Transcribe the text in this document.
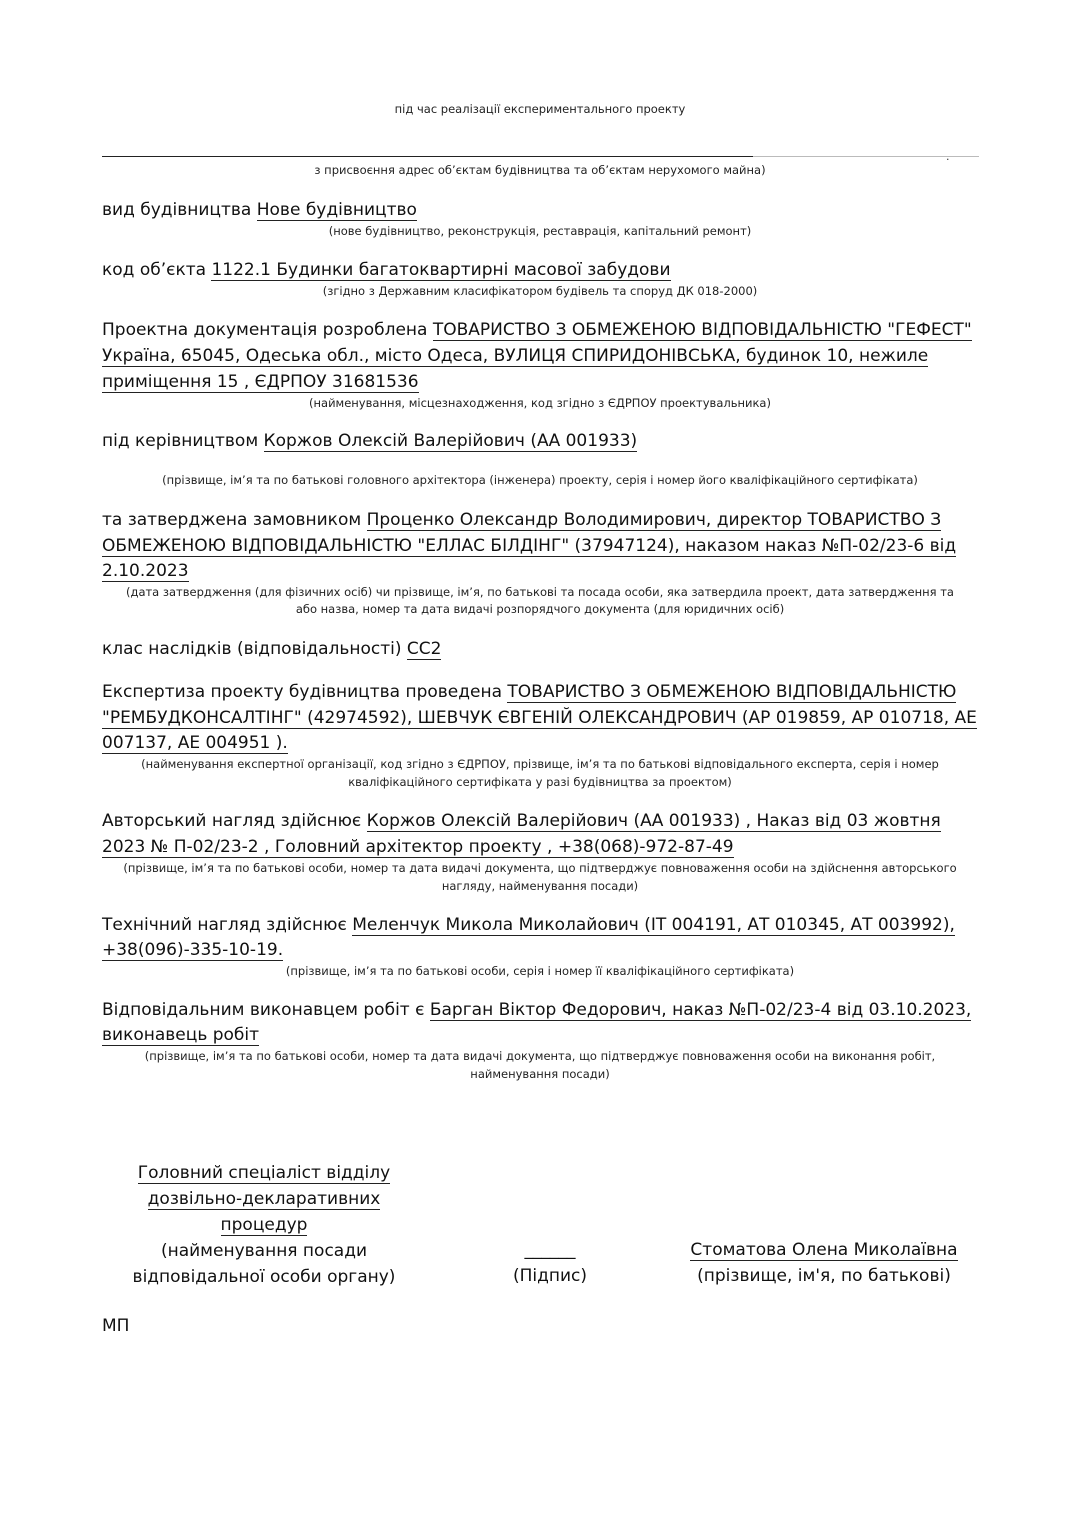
під час реалізації експериментального проекту
.
з присвоєння адрес об’єктам будівництва та об’єктам нерухомого майна)
вид будівництва Нове будівництво
(нове будівництво, реконструкція, реставрація, капітальний ремонт)
код об’єкта 1122.1 Будинки багатоквартирні масової забудови
(згідно з Державним класифікатором будівель та споруд ДК 018-2000)
Проектна документація розроблена ТОВАРИСТВО З ОБМЕЖЕНОЮ ВІДПОВІДАЛЬНІСТЮ "ГЕФЕСТ"
Україна, 65045, Одеська обл., місто Одеса, ВУЛИЦЯ СПИРИДОНІВСЬКА, будинок 10, нежиле
приміщення 15 , ЄДРПОУ 31681536
(найменування, місцезнаходження, код згідно з ЄДРПОУ проектувальника)
під керівництвом Коржов Олексій Валерійович (АА 001933)
(прізвище, ім’я та по батькові головного архітектора (інженера) проекту, серія і номер його кваліфікаційного сертифіката)
та затверджена замовником Проценко Олександр Володимирович, директор ТОВАРИСТВО З
ОБМЕЖЕНОЮ ВІДПОВІДАЛЬНІСТЮ "ЕЛЛАС БІЛДІНГ" (37947124), наказом наказ №П-02/23-6 від
2.10.2023
(дата затвердження (для фізичних осіб) чи прізвище, ім’я, по батькові та посада особи, яка затвердила проект, дата затвердження та
або назва, номер та дата видачі розпорядчого документа (для юридичних осіб)
клас наслідків (відповідальності) СС2
Експертиза проекту будівництва проведена ТОВАРИСТВО З ОБМЕЖЕНОЮ ВІДПОВІДАЛЬНІСТЮ
"РЕМБУДКОНСАЛТІНГ" (42974592), ШЕВЧУК ЄВГЕНІЙ ОЛЕКСАНДРОВИЧ (АР 019859, АР 010718, АЕ
007137, АЕ 004951 ).
(найменування експертної організації, код згідно з ЄДРПОУ, прізвище, ім’я та по батькові відповідального експерта, серія і номер
кваліфікаційного сертифіката у разі будівництва за проектом)
Авторський нагляд здійснює Коржов Олексій Валерійович (АА 001933) , Наказ від 03 жовтня
2023 № П-02/23-2 , Головний архітектор проекту , +38(068)-972-87-49
(прізвище, ім’я та по батькові особи, номер та дата видачі документа, що підтверджує повноваження особи на здійснення авторського
нагляду, найменування посади)
Технічний нагляд здійснює Меленчук Микола Миколайович (ІТ 004191, АТ 010345, АТ 003992),
+38(096)-335-10-19.
(прізвище, ім’я та по батькові особи, серія і номер її кваліфікаційного сертифіката)
Відповідальним виконавцем робіт є Барган Віктор Федорович, наказ №П-02/23-4 від 03.10.2023,
виконавець робіт
(прізвище, ім’я та по батькові особи, номер та дата видачі документа, що підтверджує повноваження особи на виконання робіт,
найменування посади)
Головний спеціаліст відділу
дозвільно-декларативних
процедур
(найменування посади
відповідальної особи органу)
______
(Підпис)
Стоматова Олена Миколаївна
(прізвище, ім'я, по батькові)
МП
